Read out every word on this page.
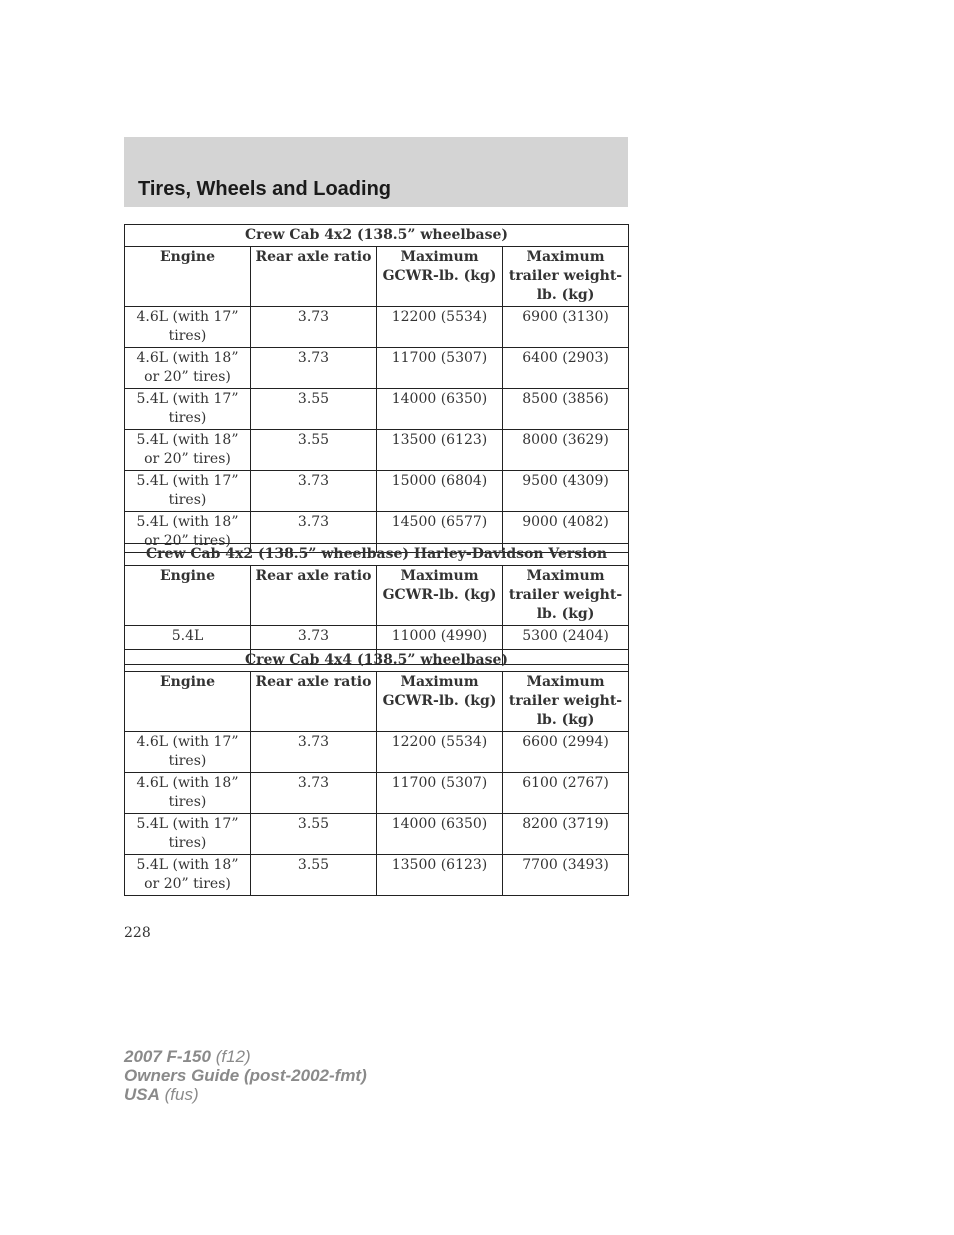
Tires, Wheels and Loading
Crew Cab 4x2 (138.5” wheelbase)			
Engine	Rear axle ratio	Maximum GCWR-lb. (kg)	Maximum trailer weight-lb. (kg)
4.6L (with 17” tires)	3.73	12200 (5534)	6900 (3130)
4.6L (with 18” or 20” tires)	3.73	11700 (5307)	6400 (2903)
5.4L (with 17” tires)	3.55	14000 (6350)	8500 (3856)
5.4L (with 18” or 20” tires)	3.55	13500 (6123)	8000 (3629)
5.4L (with 17” tires)	3.73	15000 (6804)	9500 (4309)
5.4L (with 18” or 20” tires)	3.73	14500 (6577)	9000 (4082)
Crew Cab 4x2 (138.5” wheelbase) Harley-Davidson Version			
Engine	Rear axle ratio	Maximum GCWR-lb. (kg)	Maximum trailer weight-lb. (kg)
5.4L	3.73	11000 (4990)	5300 (2404)
Crew Cab 4x4 (138.5” wheelbase)			
Engine	Rear axle ratio	Maximum GCWR-lb. (kg)	Maximum trailer weight-lb. (kg)
4.6L (with 17” tires)	3.73	12200 (5534)	6600 (2994)
4.6L (with 18” tires)	3.73	11700 (5307)	6100 (2767)
5.4L (with 17” tires)	3.55	14000 (6350)	8200 (3719)
5.4L (with 18” or 20” tires)	3.55	13500 (6123)	7700 (3493)
228
2007 F-150 (f12)
Owners Guide (post-2002-fmt)
USA (fus)
